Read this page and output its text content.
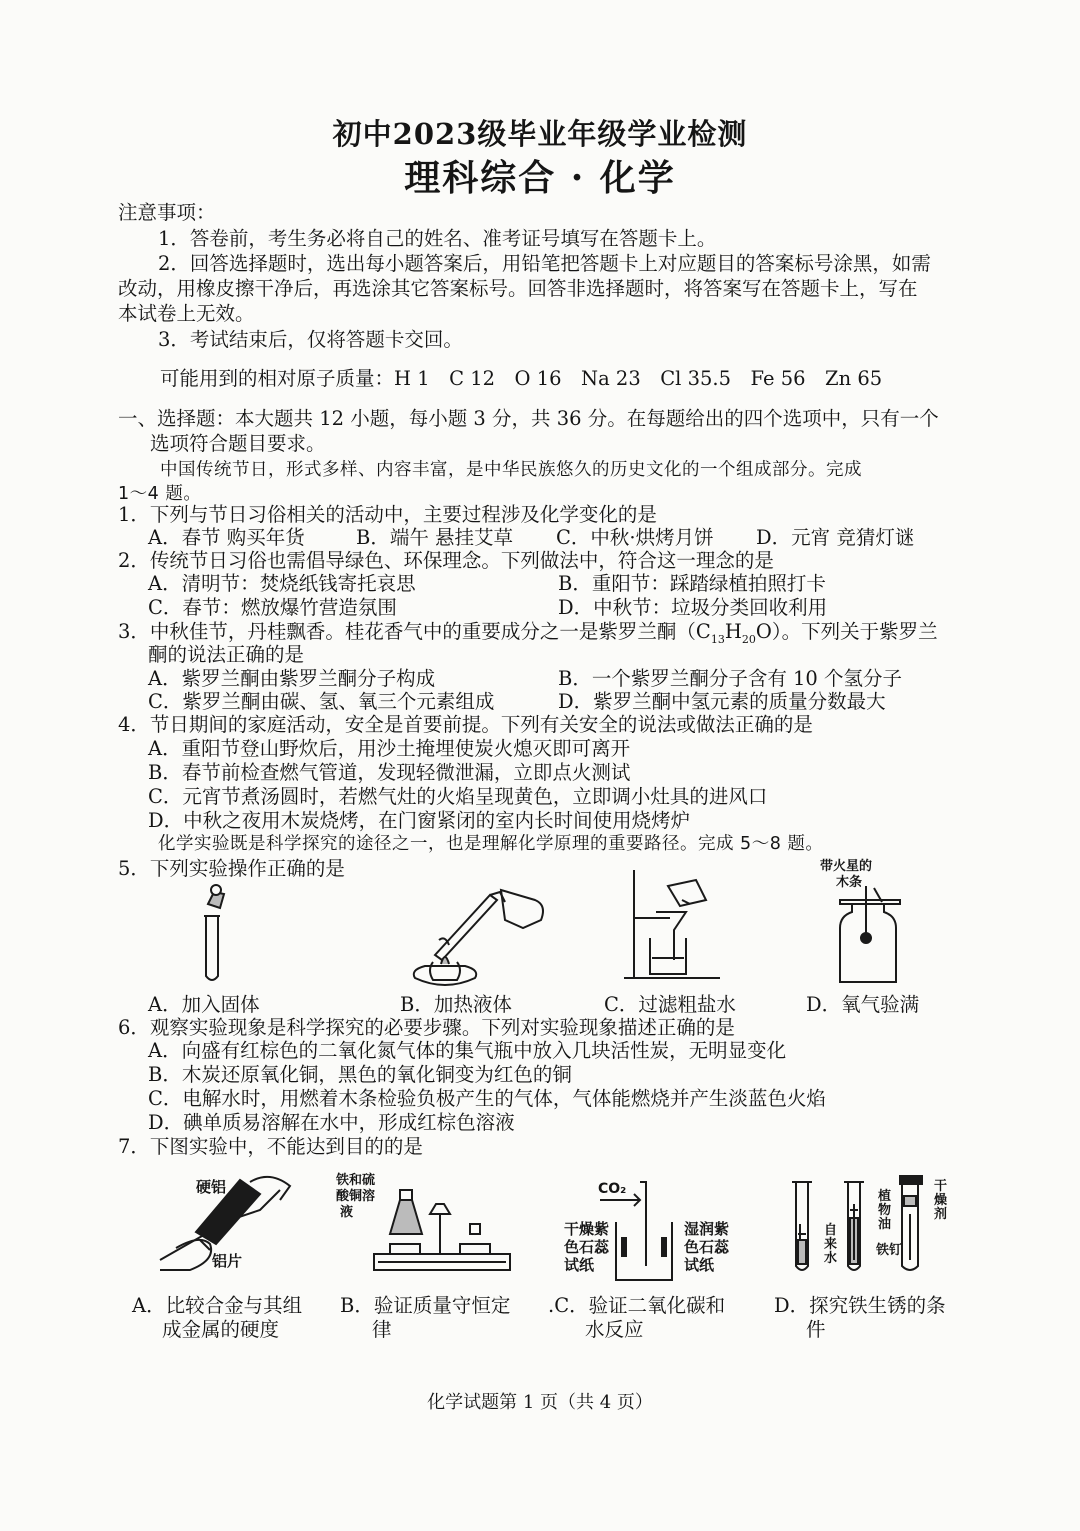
初中2023级毕业年级学业检测
理科综合 · 化学
注意事项：
1．答卷前，考生务必将自己的姓名、准考证号填写在答题卡上。
2．回答选择题时，选出每小题答案后，用铅笔把答题卡上对应题目的答案标号涂黑，如需
改动，用橡皮擦干净后，再选涂其它答案标号。回答非选择题时，将答案写在答题卡上，写在
本试卷上无效。
3．考试结束后，仅将答题卡交回。
可能用到的相对原子质量：H 1　C 12　O 16　Na 23　Cl 35.5　Fe 56　Zn 65
一、选择题：本大题共 12 小题，每小题 3 分，共 36 分。在每题给出的四个选项中，只有一个
选项符合题目要求。
中国传统节日，形式多样、内容丰富，是中华民族悠久的历史文化的一个组成部分。完成
1～4 题。
1．下列与节日习俗相关的活动中，主要过程涉及化学变化的是
A．春节 购买年货	B．端午 悬挂艾草 C．中秋·烘烤月饼 D．元宵 竞猜灯谜
2．传统节日习俗也需倡导绿色、环保理念。下列做法中，符合这一理念的是
A．清明节：焚烧纸钱寄托哀思	B．重阳节：踩踏绿植拍照打卡
C．春节：燃放爆竹营造氛围	D．中秋节：垃圾分类回收利用
3．中秋佳节，丹桂飘香。桂花香气中的重要成分之一是紫罗兰酮$(C_{13}H_{20}O)$。下列关于紫罗兰
酮的说法正确的是
A．紫罗兰酮由紫罗兰酮分子构成	B．一个紫罗兰酮分子含有 10 个氢分子
C．紫罗兰酮由碳、氢、氧三个元素组成	D．紫罗兰酮中氢元素的质量分数最大
4．节日期间的家庭活动，安全是首要前提。下列有关安全的说法或做法正确的是
A．重阳节登山野炊后，用沙土掩埋使炭火熄灭即可离开
B．春节前检查燃气管道，发现轻微泄漏，立即点火测试
C．元宵节煮汤圆时，若燃气灶的火焰呈现黄色，立即调小灶具的进风口
D．中秋之夜用木炭烧烤，在门窗紧闭的室内长时间使用烧烤炉
化学实验既是科学探究的途径之一，也是理解化学原理的重要路径。完成 5～8 题。
5．下列实验操作正确的是	带火星的
木条
A．加入固体	B．加热液体	C．过滤粗盐水	D．氧气验满
6．观察实验现象是科学探究的必要步骤。下列对实验现象描述正确的是
A．向盛有红棕色的二氧化氮气体的集气瓶中放入几块活性炭，无明显变化
B．木炭还原氧化铜，黑色的氧化铜变为红色的铜
C．电解水时，用燃着木条检验负极产生的气体，气体能燃烧并产生淡蓝色火焰
D．碘单质易溶解在水中，形成红棕色溶液
7．下图实验中，不能达到目的的是
硬铝
铝片
铁和硫
酸铜溶
液
CO₂
干燥紫
色石蕊
试纸
湿润紫
色石蕊
试纸
植
物
油
自
来
水
铁钉
干
燥
剂
A．比较合金与其组
成金属的硬度
B．验证质量守恒定
律
.C．验证二氧化碳和
水反应
D．探究铁生锈的条
件
化学试题第 1 页（共 4 页）
